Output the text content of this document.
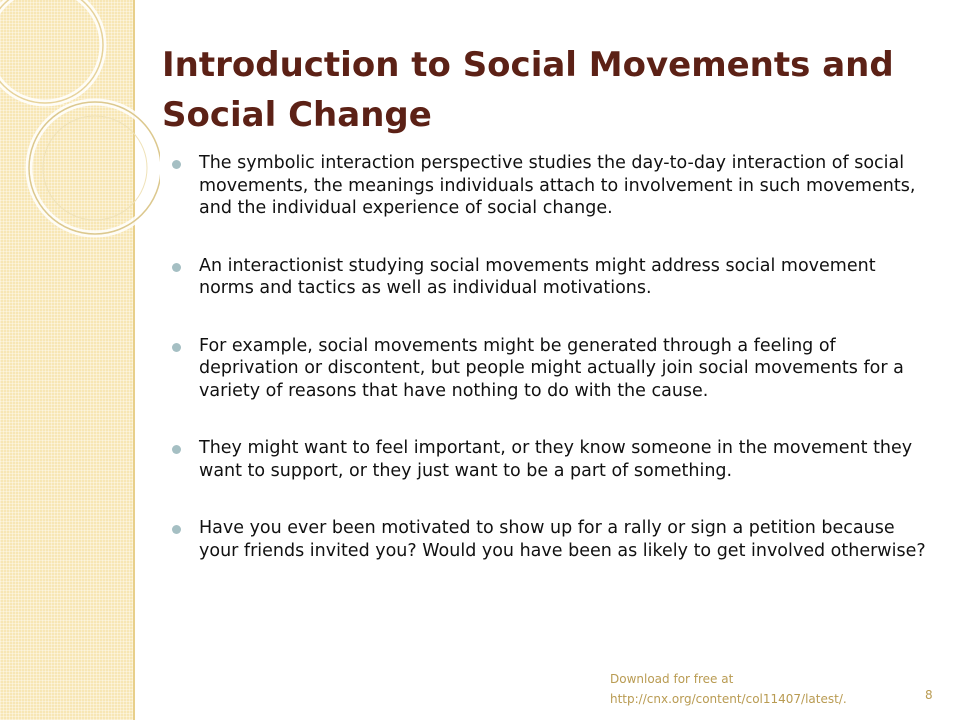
Introduction to Social Movements and Social Change
The symbolic interaction perspective studies the day-to-day interaction of social movements, the meanings individuals attach to involvement in such movements, and the individual experience of social change.
An interactionist studying social movements might address social movement norms and tactics as well as individual motivations.
For example, social movements might be generated through a feeling of deprivation or discontent, but people might actually join social movements for a variety of reasons that have nothing to do with the cause.
They might want to feel important, or they know someone in the movement they want to support, or they just want to be a part of something.
Have you ever been motivated to show up for a rally or sign a petition because your friends invited you? Would you have been as likely to get involved otherwise?
Download for free at
http://cnx.org/content/col11407/latest/.	8
